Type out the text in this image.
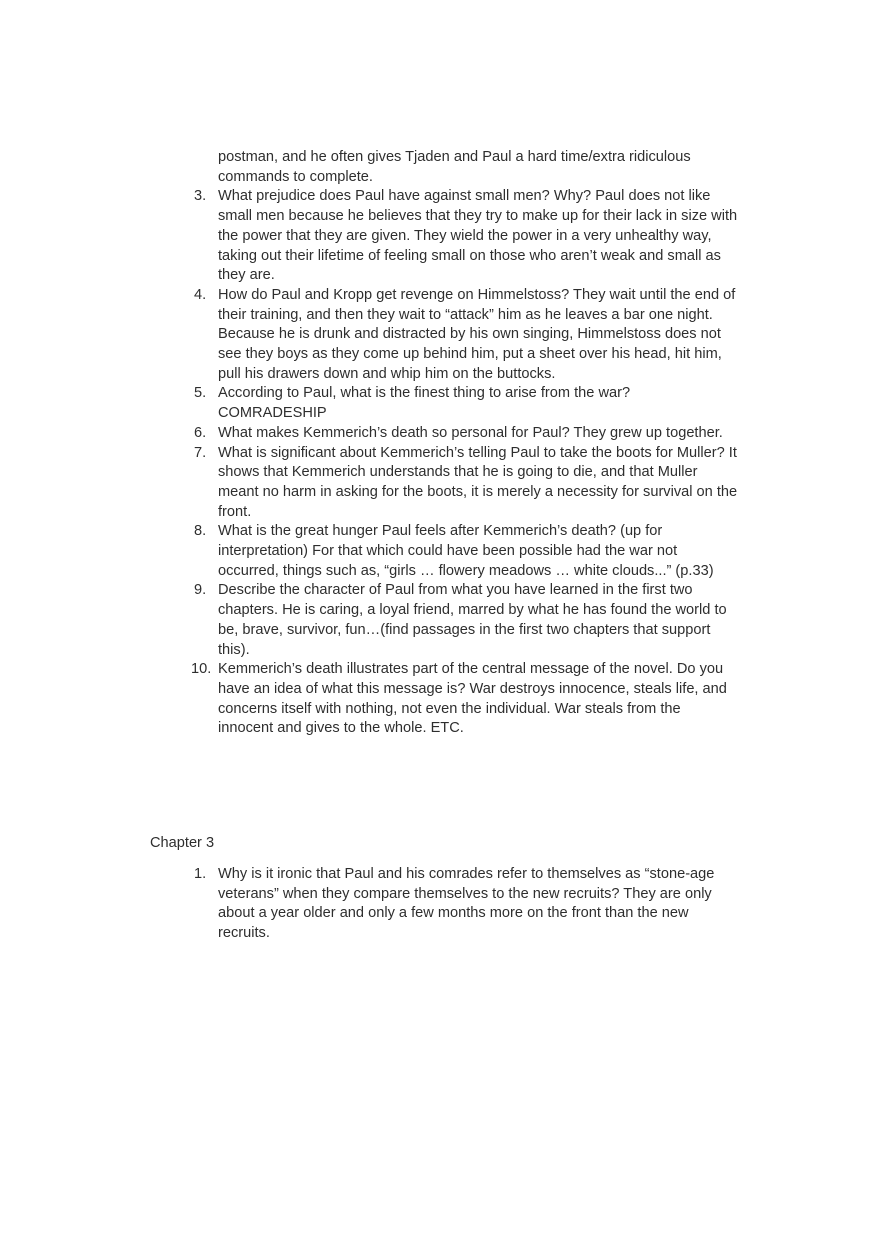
postman, and he often gives Tjaden and Paul a hard time/extra ridiculous commands to complete.
3. What prejudice does Paul have against small men? Why? Paul does not like small men because he believes that they try to make up for their lack in size with the power that they are given. They wield the power in a very unhealthy way, taking out their lifetime of feeling small on those who aren’t weak and small as they are.
4. How do Paul and Kropp get revenge on Himmelstoss? They wait until the end of their training, and then they wait to “attack” him as he leaves a bar one night. Because he is drunk and distracted by his own singing, Himmelstoss does not see they boys as they come up behind him, put a sheet over his head, hit him, pull his drawers down and whip him on the buttocks.
5. According to Paul, what is the finest thing to arise from the war? COMRADESHIP
6. What makes Kemmerich’s death so personal for Paul? They grew up together.
7. What is significant about Kemmerich’s telling Paul to take the boots for Muller? It shows that Kemmerich understands that he is going to die, and that Muller meant no harm in asking for the boots, it is merely a necessity for survival on the front.
8. What is the great hunger Paul feels after Kemmerich’s death? (up for interpretation) For that which could have been possible had the war not occurred, things such as, “girls … flowery meadows … white clouds...” (p.33)
9. Describe the character of Paul from what you have learned in the first two chapters. He is caring, a loyal friend, marred by what he has found the world to be, brave, survivor, fun…(find passages in the first two chapters that support this).
10. Kemmerich’s death illustrates part of the central message of the novel. Do you have an idea of what this message is? War destroys innocence, steals life, and concerns itself with nothing, not even the individual. War steals from the innocent and gives to the whole. ETC.
Chapter 3
1. Why is it ironic that Paul and his comrades refer to themselves as “stone-age veterans” when they compare themselves to the new recruits? They are only about a year older and only a few months more on the front than the new recruits.
